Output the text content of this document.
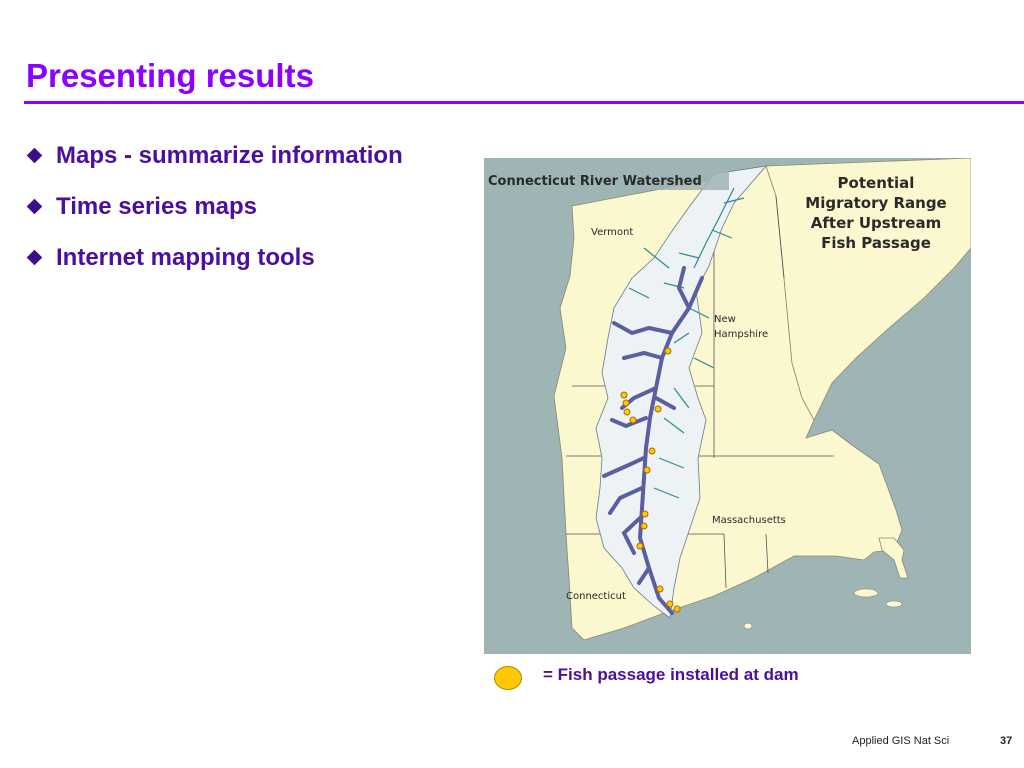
Presenting results
Maps - summarize information
Time series maps
Internet mapping tools
Connecticut River Watershed	Potential
Migratory Range
After Upstream
Fish Passage
Vermont
New
Hampshire
Massachusetts
Connecticut
= Fish passage installed at dam
Applied GIS Nat Sci	37
